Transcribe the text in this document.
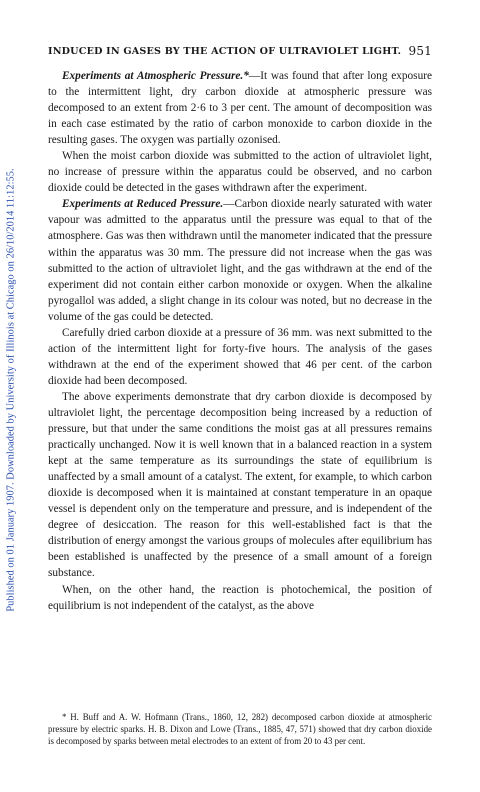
Published on 01 January 1907. Downloaded by University of Illinois at Chicago on 26/10/2014 11:12:55.
INDUCED IN GASES BY THE ACTION OF ULTRAVIOLET LIGHT. 951

Experiments at Atmospheric Pressure.*—It was found that after long exposure to the intermittent light, dry carbon dioxide at atmospheric pressure was decomposed to an extent from 2·6 to 3 per cent. The amount of decomposition was in each case estimated by the ratio of carbon monoxide to carbon dioxide in the resulting gases. The oxygen was partially ozonised.

When the moist carbon dioxide was submitted to the action of ultraviolet light, no increase of pressure within the apparatus could be observed, and no carbon dioxide could be detected in the gases withdrawn after the experiment.

Experiments at Reduced Pressure.—Carbon dioxide nearly saturated with water vapour was admitted to the apparatus until the pressure was equal to that of the atmosphere. Gas was then withdrawn until the manometer indicated that the pressure within the apparatus was 30 mm. The pressure did not increase when the gas was submitted to the action of ultraviolet light, and the gas withdrawn at the end of the experiment did not contain either carbon monoxide or oxygen. When the alkaline pyrogallol was added, a slight change in its colour was noted, but no decrease in the volume of the gas could be detected.

Carefully dried carbon dioxide at a pressure of 36 mm. was next submitted to the action of the intermittent light for forty-five hours. The analysis of the gases withdrawn at the end of the experiment showed that 46 per cent. of the carbon dioxide had been decomposed.

The above experiments demonstrate that dry carbon dioxide is decomposed by ultraviolet light, the percentage decomposition being increased by a reduction of pressure, but that under the same conditions the moist gas at all pressures remains practically unchanged. Now it is well known that in a balanced reaction in a system kept at the same temperature as its surroundings the state of equilibrium is unaffected by a small amount of a catalyst. The extent, for example, to which carbon dioxide is decomposed when it is maintained at constant temperature in an opaque vessel is dependent only on the temperature and pressure, and is independent of the degree of desiccation. The reason for this well-established fact is that the distribution of energy amongst the various groups of molecules after equilibrium has been established is unaffected by the presence of a small amount of a foreign substance.

When, on the other hand, the reaction is photochemical, the position of equilibrium is not independent of the catalyst, as the above

* H. Buff and A. W. Hofmann (Trans., 1860, 12, 282) decomposed carbon dioxide at atmospheric pressure by electric sparks. H. B. Dixon and Lowe (Trans., 1885, 47, 571) showed that dry carbon dioxide is decomposed by sparks between metal electrodes to an extent of from 20 to 43 per cent.
